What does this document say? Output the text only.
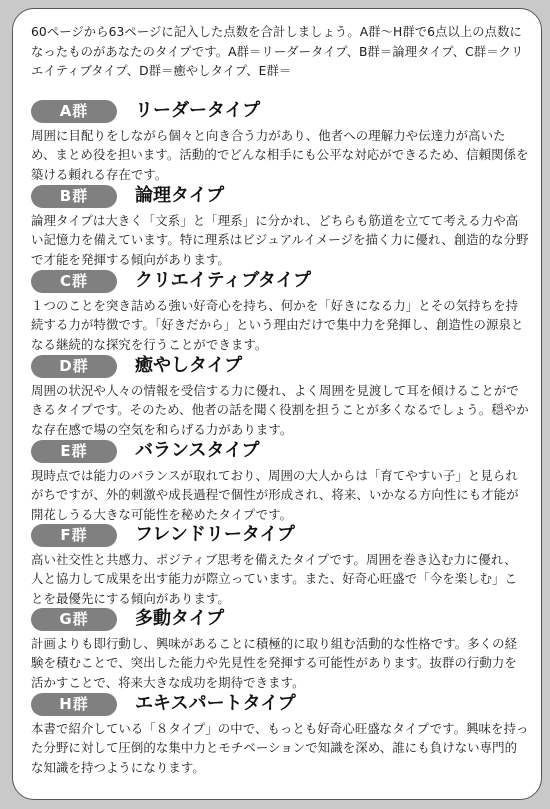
60ページから63ページに記入した点数を合計しましょう。A群〜H群で6点以上の点数になったものがあなたのタイプです。A群＝リーダータイプ、B群＝論理タイプ、C群＝クリエイティブタイプ、D群＝癒やしタイプ、E群＝
A群	リーダータイプ
周囲に目配りをしながら個々と向き合う力があり、他者への理解力や伝達力が高いため、まとめ役を担います。活動的でどんな相手にも公平な対応ができるため、信頼関係を築ける頼れる存在です。
B群	論理タイプ
論理タイプは大きく「文系」と「理系」に分かれ、どちらも筋道を立てて考える力や高い記憶力を備えています。特に理系はビジュアルイメージを描く力に優れ、創造的な分野で才能を発揮する傾向があります。
C群	クリエイティブタイプ
１つのことを突き詰める強い好奇心を持ち、何かを「好きになる力」とその気持ちを持続する力が特徴です。「好きだから」という理由だけで集中力を発揮し、創造性の源泉となる継続的な探究を行うことができます。
D群	癒やしタイプ
周囲の状況や人々の情報を受信する力に優れ、よく周囲を見渡して耳を傾けることができるタイプです。そのため、他者の話を聞く役割を担うことが多くなるでしょう。穏やかな存在感で場の空気を和らげる力があります。
E群	バランスタイプ
現時点では能力のバランスが取れており、周囲の大人からは「育てやすい子」と見られがちですが、外的刺激や成長過程で個性が形成され、将来、いかなる方向性にも才能が開花しうる大きな可能性を秘めたタイプです。
F群	フレンドリータイプ
高い社交性と共感力、ポジティブ思考を備えたタイプです。周囲を巻き込む力に優れ、人と協力して成果を出す能力が際立っています。また、好奇心旺盛で「今を楽しむ」ことを最優先にする傾向があります。
G群	多動タイプ
計画よりも即行動し、興味があることに積極的に取り組む活動的な性格です。多くの経験を積むことで、突出した能力や先見性を発揮する可能性があります。抜群の行動力を活かすことで、将来大きな成功を期待できます。
H群	エキスパートタイプ
本書で紹介している「８タイプ」の中で、もっとも好奇心旺盛なタイプです。興味を持った分野に対して圧倒的な集中力とモチベーションで知識を深め、誰にも負けない専門的な知識を持つようになります。
